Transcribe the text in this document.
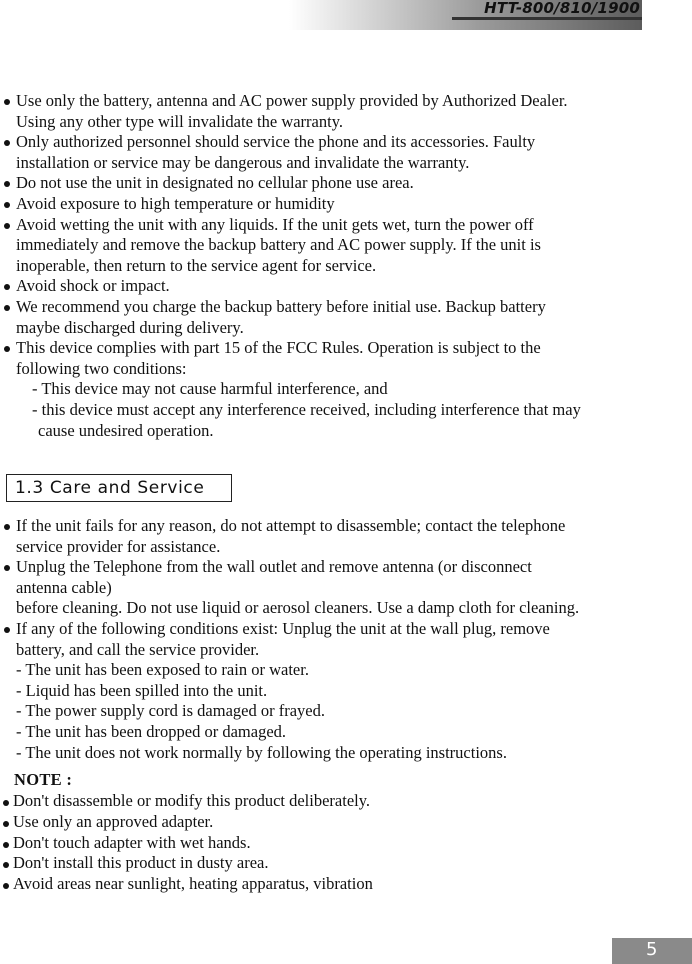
HTT-800/810/1900
Use only the battery, antenna and AC power supply provided by Authorized Dealer.
Using any other type will invalidate the warranty.
Only authorized personnel should service the phone and its accessories. Faulty
installation or service may be dangerous and invalidate the warranty.
Do not use the unit in designated no cellular phone use area.
Avoid exposure to high temperature or humidity
Avoid wetting the unit with any liquids. If the unit gets wet, turn the power off
immediately and remove the backup battery and AC power supply. If the unit is
inoperable, then return to the service agent for service.
Avoid shock or impact.
We recommend you charge the backup battery before initial use. Backup battery
maybe discharged during delivery.
This device complies with part 15 of the FCC Rules. Operation is subject to the
following two conditions:
- This device may not cause harmful interference, and
- this device must accept any interference received, including interference that may
cause undesired operation.
1.3 Care and Service
If the unit fails for any reason, do not attempt to disassemble; contact the telephone
service provider for assistance.
Unplug the Telephone from the wall outlet and remove antenna (or disconnect
antenna cable)
before cleaning. Do not use liquid or aerosol cleaners. Use a damp cloth for cleaning.
If any of the following conditions exist: Unplug the unit at the wall plug, remove
battery, and call the service provider.
- The unit has been exposed to rain or water.
- Liquid has been spilled into the unit.
- The power supply cord is damaged or frayed.
- The unit has been dropped or damaged.
- The unit does not work normally by following the operating instructions.
NOTE :
Don't disassemble or modify this product deliberately.
Use only an approved adapter.
Don't touch adapter with wet hands.
Don't install this product in dusty area.
Avoid areas near sunlight, heating apparatus, vibration
5
